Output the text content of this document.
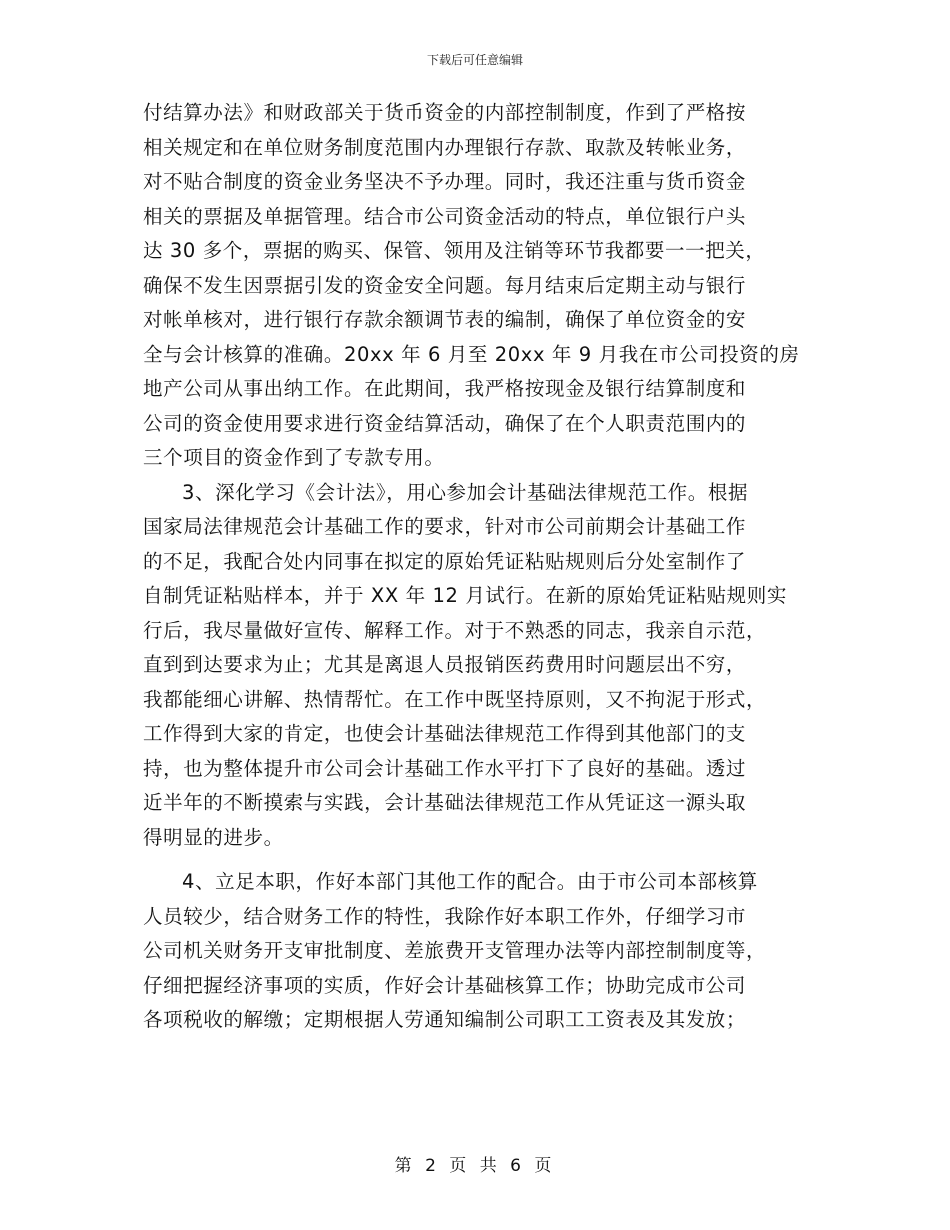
下载后可任意编辑
付结算办法》和财政部关于货币资金的内部控制制度，作到了严格按
相关规定和在单位财务制度范围内办理银行存款、取款及转帐业务，
对不贴合制度的资金业务坚决不予办理。同时，我还注重与货币资金
相关的票据及单据管理。结合市公司资金活动的特点，单位银行户头
达 30 多个，票据的购买、保管、领用及注销等环节我都要一一把关，
确保不发生因票据引发的资金安全问题。每月结束后定期主动与银行
对帐单核对，进行银行存款余额调节表的编制，确保了单位资金的安
全与会计核算的准确。20xx 年 6 月至 20xx 年 9 月我在市公司投资的房
地产公司从事出纳工作。在此期间，我严格按现金及银行结算制度和
公司的资金使用要求进行资金结算活动，确保了在个人职责范围内的
三个项目的资金作到了专款专用。
3、深化学习《会计法》，用心参加会计基础法律规范工作。根据
国家局法律规范会计基础工作的要求，针对市公司前期会计基础工作
的不足，我配合处内同事在拟定的原始凭证粘贴规则后分处室制作了
自制凭证粘贴样本，并于 XX 年 12 月试行。在新的原始凭证粘贴规则实
行后，我尽量做好宣传、解释工作。对于不熟悉的同志，我亲自示范，
直到到达要求为止；尤其是离退人员报销医药费用时问题层出不穷，
我都能细心讲解、热情帮忙。在工作中既坚持原则，又不拘泥于形式，
工作得到大家的肯定，也使会计基础法律规范工作得到其他部门的支
持，也为整体提升市公司会计基础工作水平打下了良好的基础。透过
近半年的不断摸索与实践，会计基础法律规范工作从凭证这一源头取
得明显的进步。
4、立足本职，作好本部门其他工作的配合。由于市公司本部核算
人员较少，结合财务工作的特性，我除作好本职工作外，仔细学习市
公司机关财务开支审批制度、差旅费开支管理办法等内部控制制度等，
仔细把握经济事项的实质，作好会计基础核算工作；协助完成市公司
各项税收的解缴；定期根据人劳通知编制公司职工工资表及其发放；
第 2 页 共 6 页
